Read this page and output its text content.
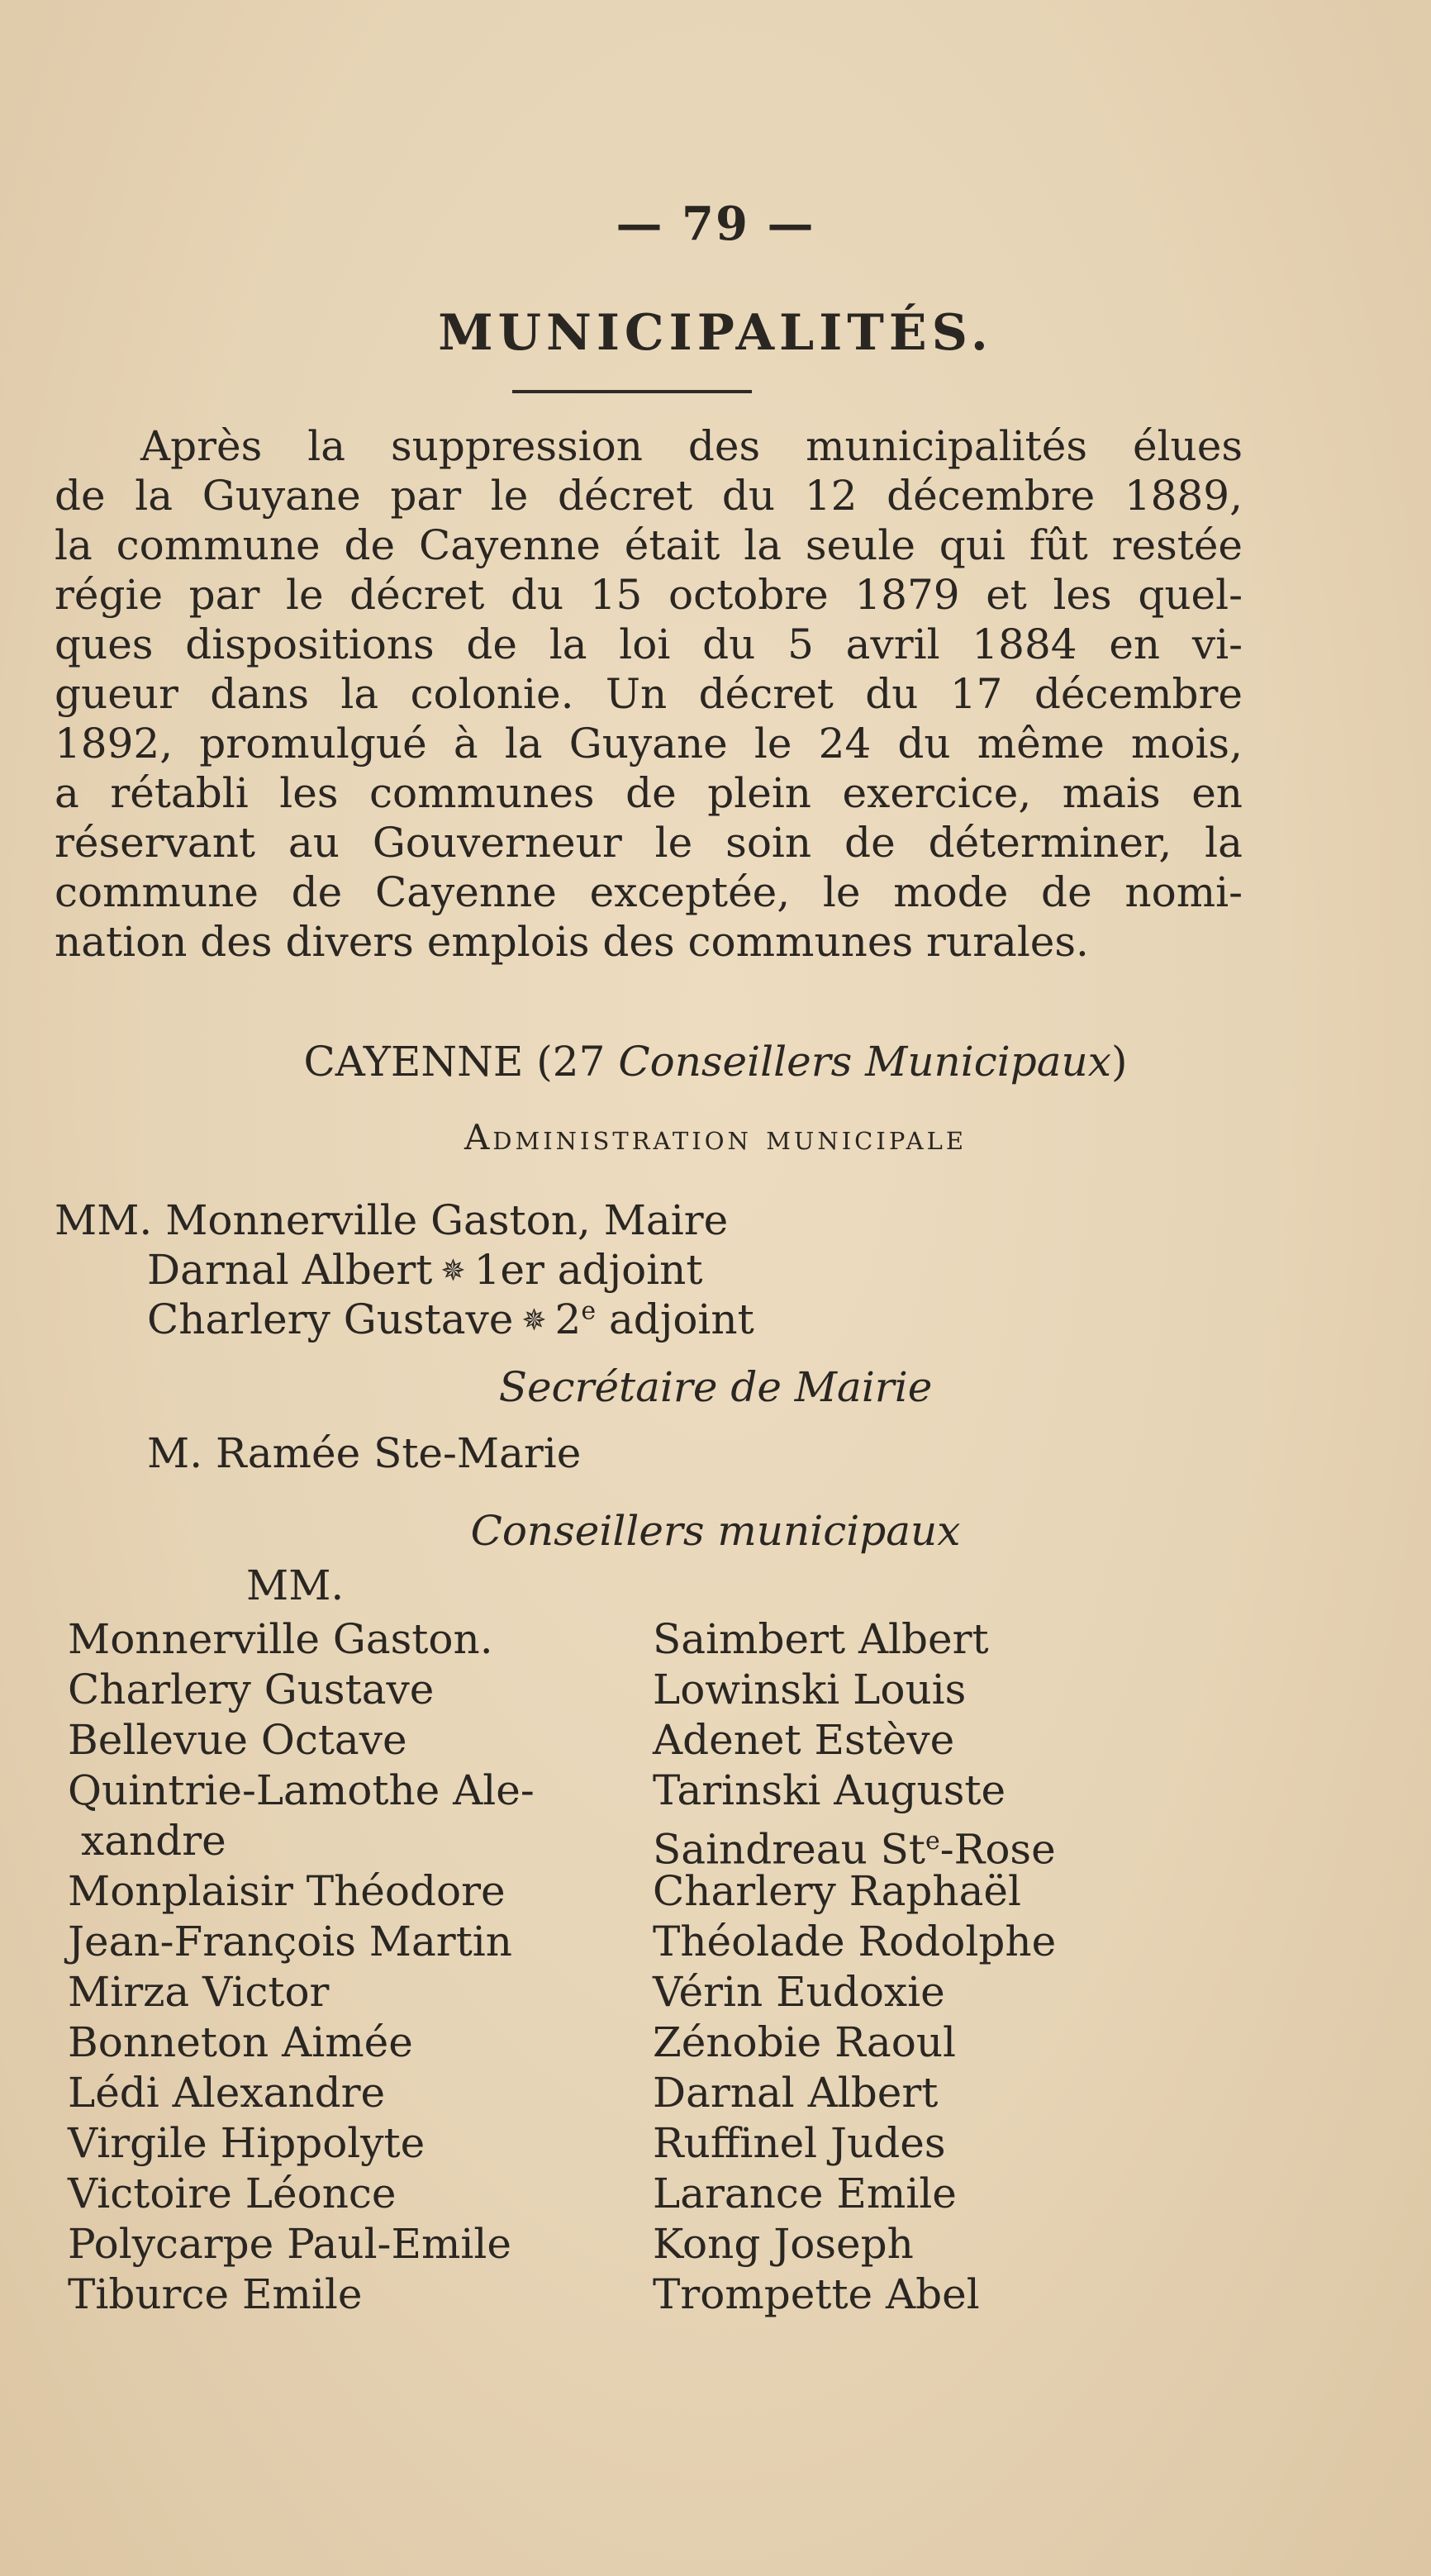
— 79 —
MUNICIPALITÉS.
Après la suppression des municipalités élues
de la Guyane par le décret du 12 décembre 1889,
la commune de Cayenne était la seule qui fût restée
régie par le décret du 15 octobre 1879 et les quel-
ques dispositions de la loi du 5 avril 1884 en vi-
gueur dans la colonie. Un décret du 17 décembre
1892, promulgué à la Guyane le 24 du même mois,
a rétabli les communes de plein exercice, mais en
réservant au Gouverneur le soin de déterminer, la
commune de Cayenne exceptée, le mode de nomi-
nation des divers emplois des communes rurales.
CAYENNE (27 Conseillers Municipaux)
Administration municipale
MM. Monnerville Gaston, Maire
Darnal Albert ✵ 1er adjoint
Charlery Gustave ✵ 2e adjoint
Secrétaire de Mairie
M. Ramée Ste-Marie
Conseillers municipaux
MM.
Monnerville Gaston.
Charlery Gustave
Bellevue Octave
Quintrie-Lamothe Ale-
xandre
Monplaisir Théodore
Jean-François Martin
Mirza Victor
Bonneton Aimée
Lédi Alexandre
Virgile Hippolyte
Victoire Léonce
Polycarpe Paul-Emile
Tiburce Emile
Saimbert Albert
Lowinski Louis
Adenet Estève
Tarinski Auguste
Saindreau St$^e$-Rose
Charlery Raphaël
Théolade Rodolphe
Vérin Eudoxie
Zénobie Raoul
Darnal Albert
Ruffinel Judes
Larance Emile
Kong Joseph
Trompette Abel
